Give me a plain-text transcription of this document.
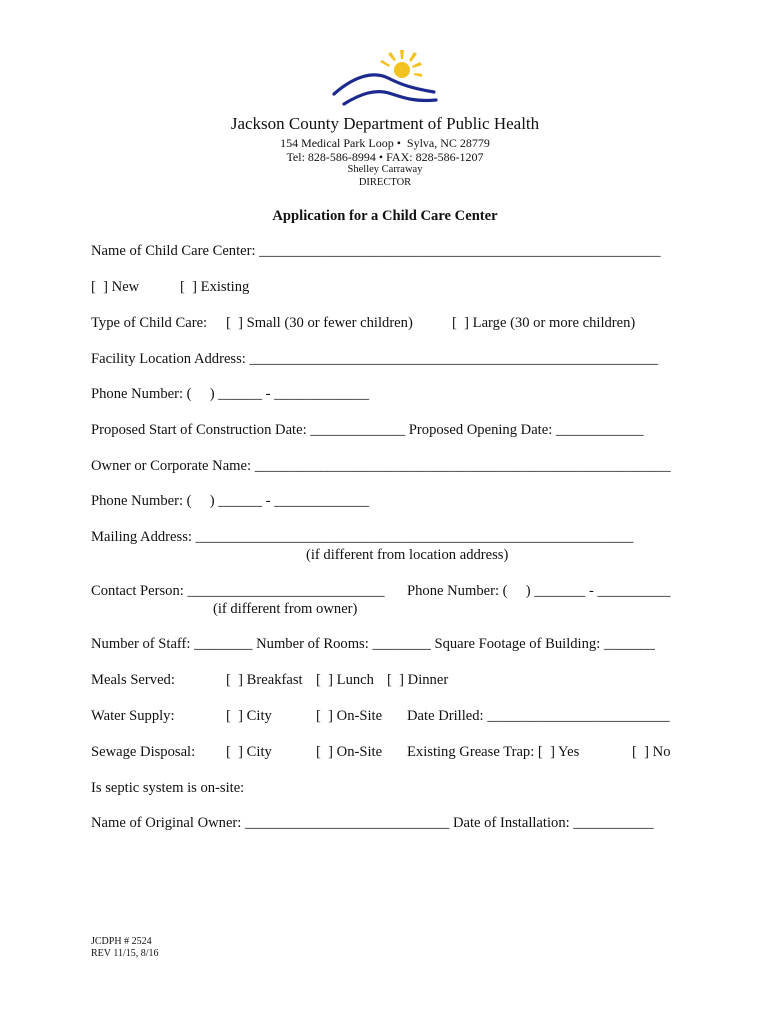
Jackson County Department of Public Health
154 Medical Park Loop •  Sylva, NC 28779
Tel: 828-586-8994 • FAX: 828-586-1207
Shelley Carraway
DIRECTOR
Application for a Child Care Center
Name of Child Care Center: _______________________________________________________
[  ] New	[  ] Existing
Type of Child Care: [  ] Small (30 or fewer children)	[  ] Large (30 or more children)
Facility Location Address: ________________________________________________________
Phone Number: (     ) ______ - _____________
Proposed Start of Construction Date: _____________ Proposed Opening Date: ____________
Owner or Corporate Name: _________________________________________________________
Phone Number: (     ) ______ - _____________
Mailing Address: ____________________________________________________________
(if different from location address)
Contact Person: ___________________________ Phone Number: (     ) _______ - __________
(if different from owner)
Number of Staff: ________ Number of Rooms: ________ Square Footage of Building: _______
Meals Served:	[  ] Breakfast [  ] Lunch [  ] Dinner
Water Supply:	[  ] City	[  ] On-Site Date Drilled: _________________________
Sewage Disposal: [  ] City	[  ] On-Site Existing Grease Trap: [  ] Yes	[  ] No
Is septic system is on-site:
Name of Original Owner: ____________________________ Date of Installation: ___________
JCDPH # 2524
REV 11/15, 8/16
